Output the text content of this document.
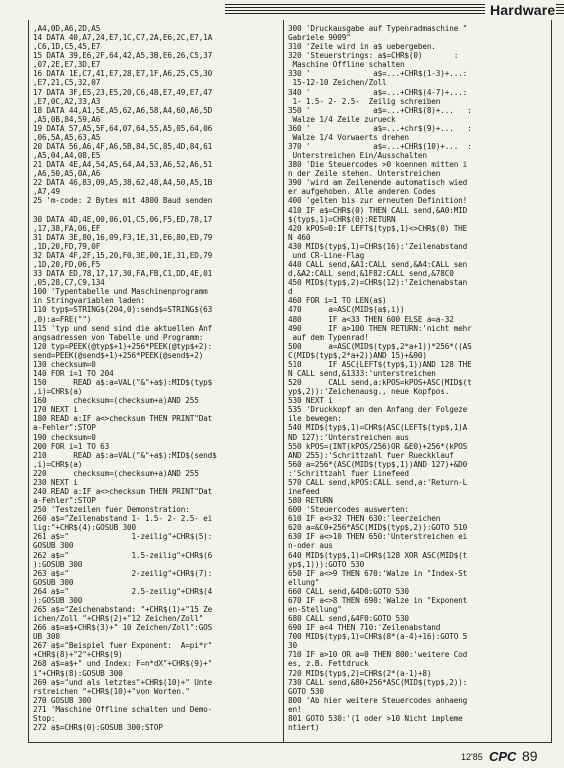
Hardware
,A4,0D,A6,2D,A5
14 DATA 40,A7,24,E7,1C,C7,2A,E6,2C,E7,1A
,C6,1D,C5,45,E7
15 DATA 39,E6,2F,64,42,A5,3B,E6,26,C5,37
,07,2E,E7,3D,E7
16 DATA 1E,C7,41,E7,28,E7,1F,A6,25,C5,30
,E7,21,C5,32,07
17 DATA 3F,E5,23,E5,20,C6,4B,E7,49,E7,47
,E7,0C,A2,33,A3
18 DATA 44,A1,5E,A5,62,A6,58,A4,60,A6,5D
,A5,0B,84,59,A6
19 DATA 57,A5,5F,64,07,64,55,A5,05,64,06
,06,5A,A5,63,A5
20 DATA 56,A6,4F,A6,5B,84,5C,85,4D,84,61
,A5,04,A4,08,E5
21 DATA 4E,A4,54,A5,64,A4,53,A6,52,A6,51
,A6,50,A5,0A,A6
22 DATA 46,83,09,A5,38,62,48,A4,50,A5,1B
,A7,49
25 'm-code: 2 Bytes mit 4800 Baud senden
30 DATA 4D,4E,00,06,01,C5,06,F5,ED,78,17
,17,38,FA,06,EF
31 DATA 3E,80,16,09,F3,1E,31,E6,80,ED,79
,1D,20,FD,79,0F
32 DATA 4F,2F,15,20,F0,3E,00,1E,31,ED,79
,1D,20,FD,06,F5
33 DATA ED,78,17,17,30,FA,FB,C1,DD,4E,01
,05,28,C7,C9,134
100 'Typentabelle und Maschinenprogramm
in Stringvariablen laden:
110 typ$=STRING$(204,0):send$=STRING$(63
,0):a=FRE("")
115 'typ und send sind die aktuellen Anf
angsadressen von Tabelle und Programm:
120 typ=PEEK(@typ$+1)+256*PEEK(@typ$+2):
send=PEEK(@send$+1)+256*PEEK(@send$+2)
130 checksum=0
140 FOR i=1 TO 204
150      READ a$:a=VAL("&"+a$):MID$(typ$
,i)=CHR$(a)
160      checksum=(checksum+a)AND 255
170 NEXT i
180 READ a:IF a<>checksum THEN PRINT"Dat
a-Fehler":STOP
190 checksum=0
200 FOR i=1 TO 63
210      READ a$:a=VAL("&"+a$):MID$(send$
,i)=CHR$(a)
220      checksum=(checksum+a)AND 255
230 NEXT i
240 READ a:IF a<>checksum THEN PRINT"Dat
a-Fehler":STOP
250 'Testzeilen fuer Demonstration:
260 a$="Zeilenabstand 1- 1.5- 2- 2.5- ei
lig:"+CHR$(4):GOSUB 300
261 a$="              1-zeilig"+CHR$(5):
GOSUB 300
262 a$="              1.5-zeilig"+CHR$(6
):GOSUB 300
263 a$="              2-zeilig"+CHR$(7):
GOSUB 300
264 a$="              2.5-zeilig"+CHR$(4
):GOSUB 300
265 a$="Zeichenabstand: "+CHR$(1)+"15 Ze
ichen/Zoll "+CHR$(2)+"12 Zeichen/Zoll"
266 a$=a$+CHR$(3)+" 10 Zeichen/Zoll":GOS
UB 300
267 a$="Beispiel fuer Exponent:  A=pi*r"
+CHR$(8)+"2"+CHR$(9)
268 a$=a$+" und Index: F=n*dX"+CHR$(9)+"
i"+CHR$(8):GOSUB 300
269 a$="und als letztes"+CHR$(10)+" Unte
rstreichen "+CHR$(10)+"von Worten."
270 GOSUB 300
271 'Maschine Offline schalten und Demo-
Stop:
272 a$=CHR$(0):GOSUB 300:STOP
300 'Druckausgabe auf Typenradmaschine "
Gabriele 9009"
310 'Zeile wird in a$ uebergeben.
320 'Steuerstrings: a$=CHR$(0)       :
Maschine Offline schalten
330 '              a$=...+CHR$(1-3)+...:
15-12-10 Zeichen/Zoll
340 '              a$=...+CHR$(4-7)+...:
1- 1.5- 2- 2.5-  Zeilig schreiben
350 '              a$=...+CHR$(8)+...   :
Walze 1/4 Zeile zurueck
360 '              a$=...+chr$(9)+...   :
Walze 1/4 Vorwaerts drehen
370 '              a$=...+CHR$(10)+...  :
Unterstreichen Ein/Ausschalten
380 'Die Steuercodes >0 koennen mitten i
n der Zeile stehen. Unterstreichen
390 'wird am Zeilenende automatisch wied
er aufgehoben. Alle anderen Codes
400 'gelten bis zur erneuten Definition!
410 IF a$=CHR$(0) THEN CALL send,&A0:MID
$(typ$,1)=CHR$(0):RETURN
420 kPOS=0:IF LEFT$(typ$,1)<>CHR$(0) THE
N 460
430 MID$(typ$,1)=CHR$(16):'Zeilenabstand
und CR-Line-Flag
440 CALL send,&A1:CALL send,&A4:CALL sen
d,&A2:CALL send,&1F82:CALL send,&78C0
450 MID$(typ$,2)=CHR$(12):'Zeichenabstan
d
460 FOR i=1 TO LEN(a$)
470      a=ASC(MID$(a$,i))
480      IF a<33 THEN 600 ELSE a=a-32
490      IF a>100 THEN RETURN:'nicht mehr
auf dem Typenrad!
500      a=ASC(MID$(typ$,2*a+1))*256*((AS
C(MID$(typ$,2*a+2))AND 15)+&90)
510      IF ASC(LEFT$(typ$,1))AND 128 THE
N CALL send,&1333:'unterstreichen
520      CALL send,a:kPOS=kPOS+ASC(MID$(t
yp$,2)):'Zeichenausg., neue Kopfpos.
530 NEXT i
535 'Druckkopf an den Anfang der Folgeze
ile bewegen:
540 MID$(typ$,1)=CHR$(ASC(LEFT$(typ$,1)A
ND 127):'Unterstreichen aus
550 kPOS=(INT(kPOS/256)OR &E0)+256*(kPOS
AND 255):'Schrittzahl fuer Rueckklauf
560 a=256*(ASC(MID$(typ$,1))AND 127)+&D0
:'Schrittzahl fuer Linefeed
570 CALL send,kPOS:CALL send,a:'Return-L
inefeed
580 RETURN
600 'Steuercodes auswerten:
610 IF a<>32 THEN 630:'leerzeichen
620 a=&C0+256*ASC(MID$(typ$,2)):GOTO 510
630 IF a<>10 THEN 650:'Unterstreichen ei
n-oder aus
640 MID$(typ$,1)=CHR$(128 XOR ASC(MID$(t
yp$,1))):GOTO 530
650 IF a<>9 THEN 670:'Walze in "Index-St
ellung"
660 CALL send,&4D0:GOTO 530
670 IF a<>8 THEN 690:'Walze in "Exponent
en-Stellung"
680 CALL send,&4F0:GOTO 530
690 IF a<4 THEN 710:'Zeilenabstand
700 MID$(typ$,1)=CHR$(8*(a-4)+16):GOTO 5
30
710 IF a>10 OR a=0 THEN 800:'weitere Cod
es, z.B. Fettdruck
720 MID$(typ$,2)=CHR$(2*(a-1)+8)
730 CALL send,&80+256*ASC(MID$(typ$,2)):
GOTO 530
800 'Ab hier weitere Steuercodes anhaeng
en!
801 GOTO 530:'(1 oder >10 Nicht impleme
ntiert)
12'85 CPC 89
